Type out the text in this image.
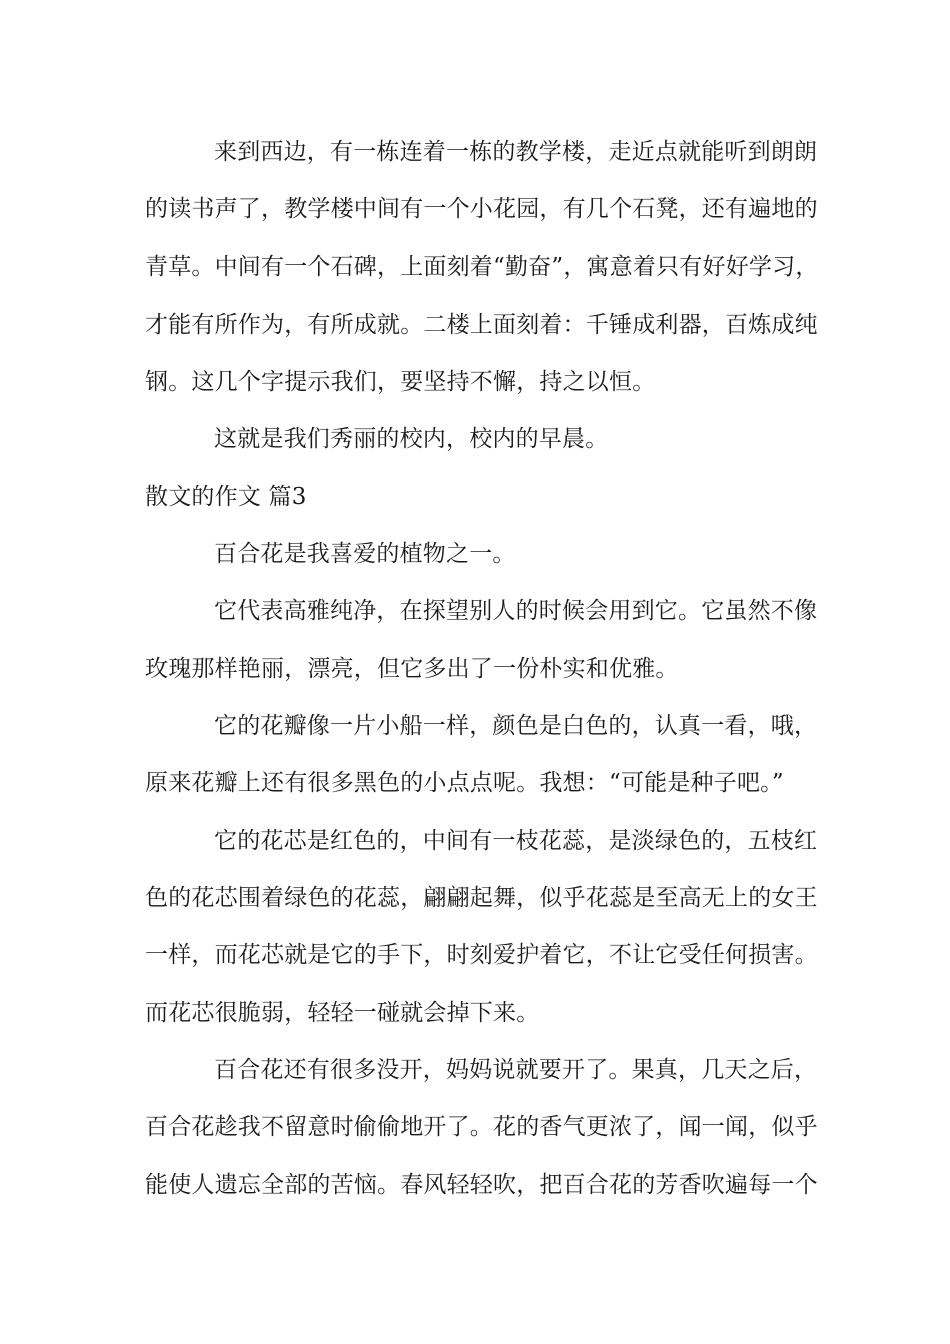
来到西边，有一栋连着一栋的教学楼，走近点就能听到朗朗
的读书声了，教学楼中间有一个小花园，有几个石凳，还有遍地的
青草。中间有一个石碑，上面刻着“勤奋”，寓意着只有好好学习，
才能有所作为，有所成就。二楼上面刻着：千锤成利器，百炼成纯
钢。这几个字提示我们，要坚持不懈，持之以恒。
这就是我们秀丽的校内，校内的早晨。
散文的作文 篇3
百合花是我喜爱的植物之一。
它代表高雅纯净，在探望别人的时候会用到它。它虽然不像
玫瑰那样艳丽，漂亮，但它多出了一份朴实和优雅。
它的花瓣像一片小船一样，颜色是白色的，认真一看，哦，
原来花瓣上还有很多黑色的小点点呢。我想：“可能是种子吧。”
它的花芯是红色的，中间有一枝花蕊，是淡绿色的，五枝红
色的花芯围着绿色的花蕊，翩翩起舞，似乎花蕊是至高无上的女王
一样，而花芯就是它的手下，时刻爱护着它，不让它受任何损害。
而花芯很脆弱，轻轻一碰就会掉下来。
百合花还有很多没开，妈妈说就要开了。果真，几天之后，
百合花趁我不留意时偷偷地开了。花的香气更浓了，闻一闻，似乎
能使人遗忘全部的苦恼。春风轻轻吹，把百合花的芳香吹遍每一个
